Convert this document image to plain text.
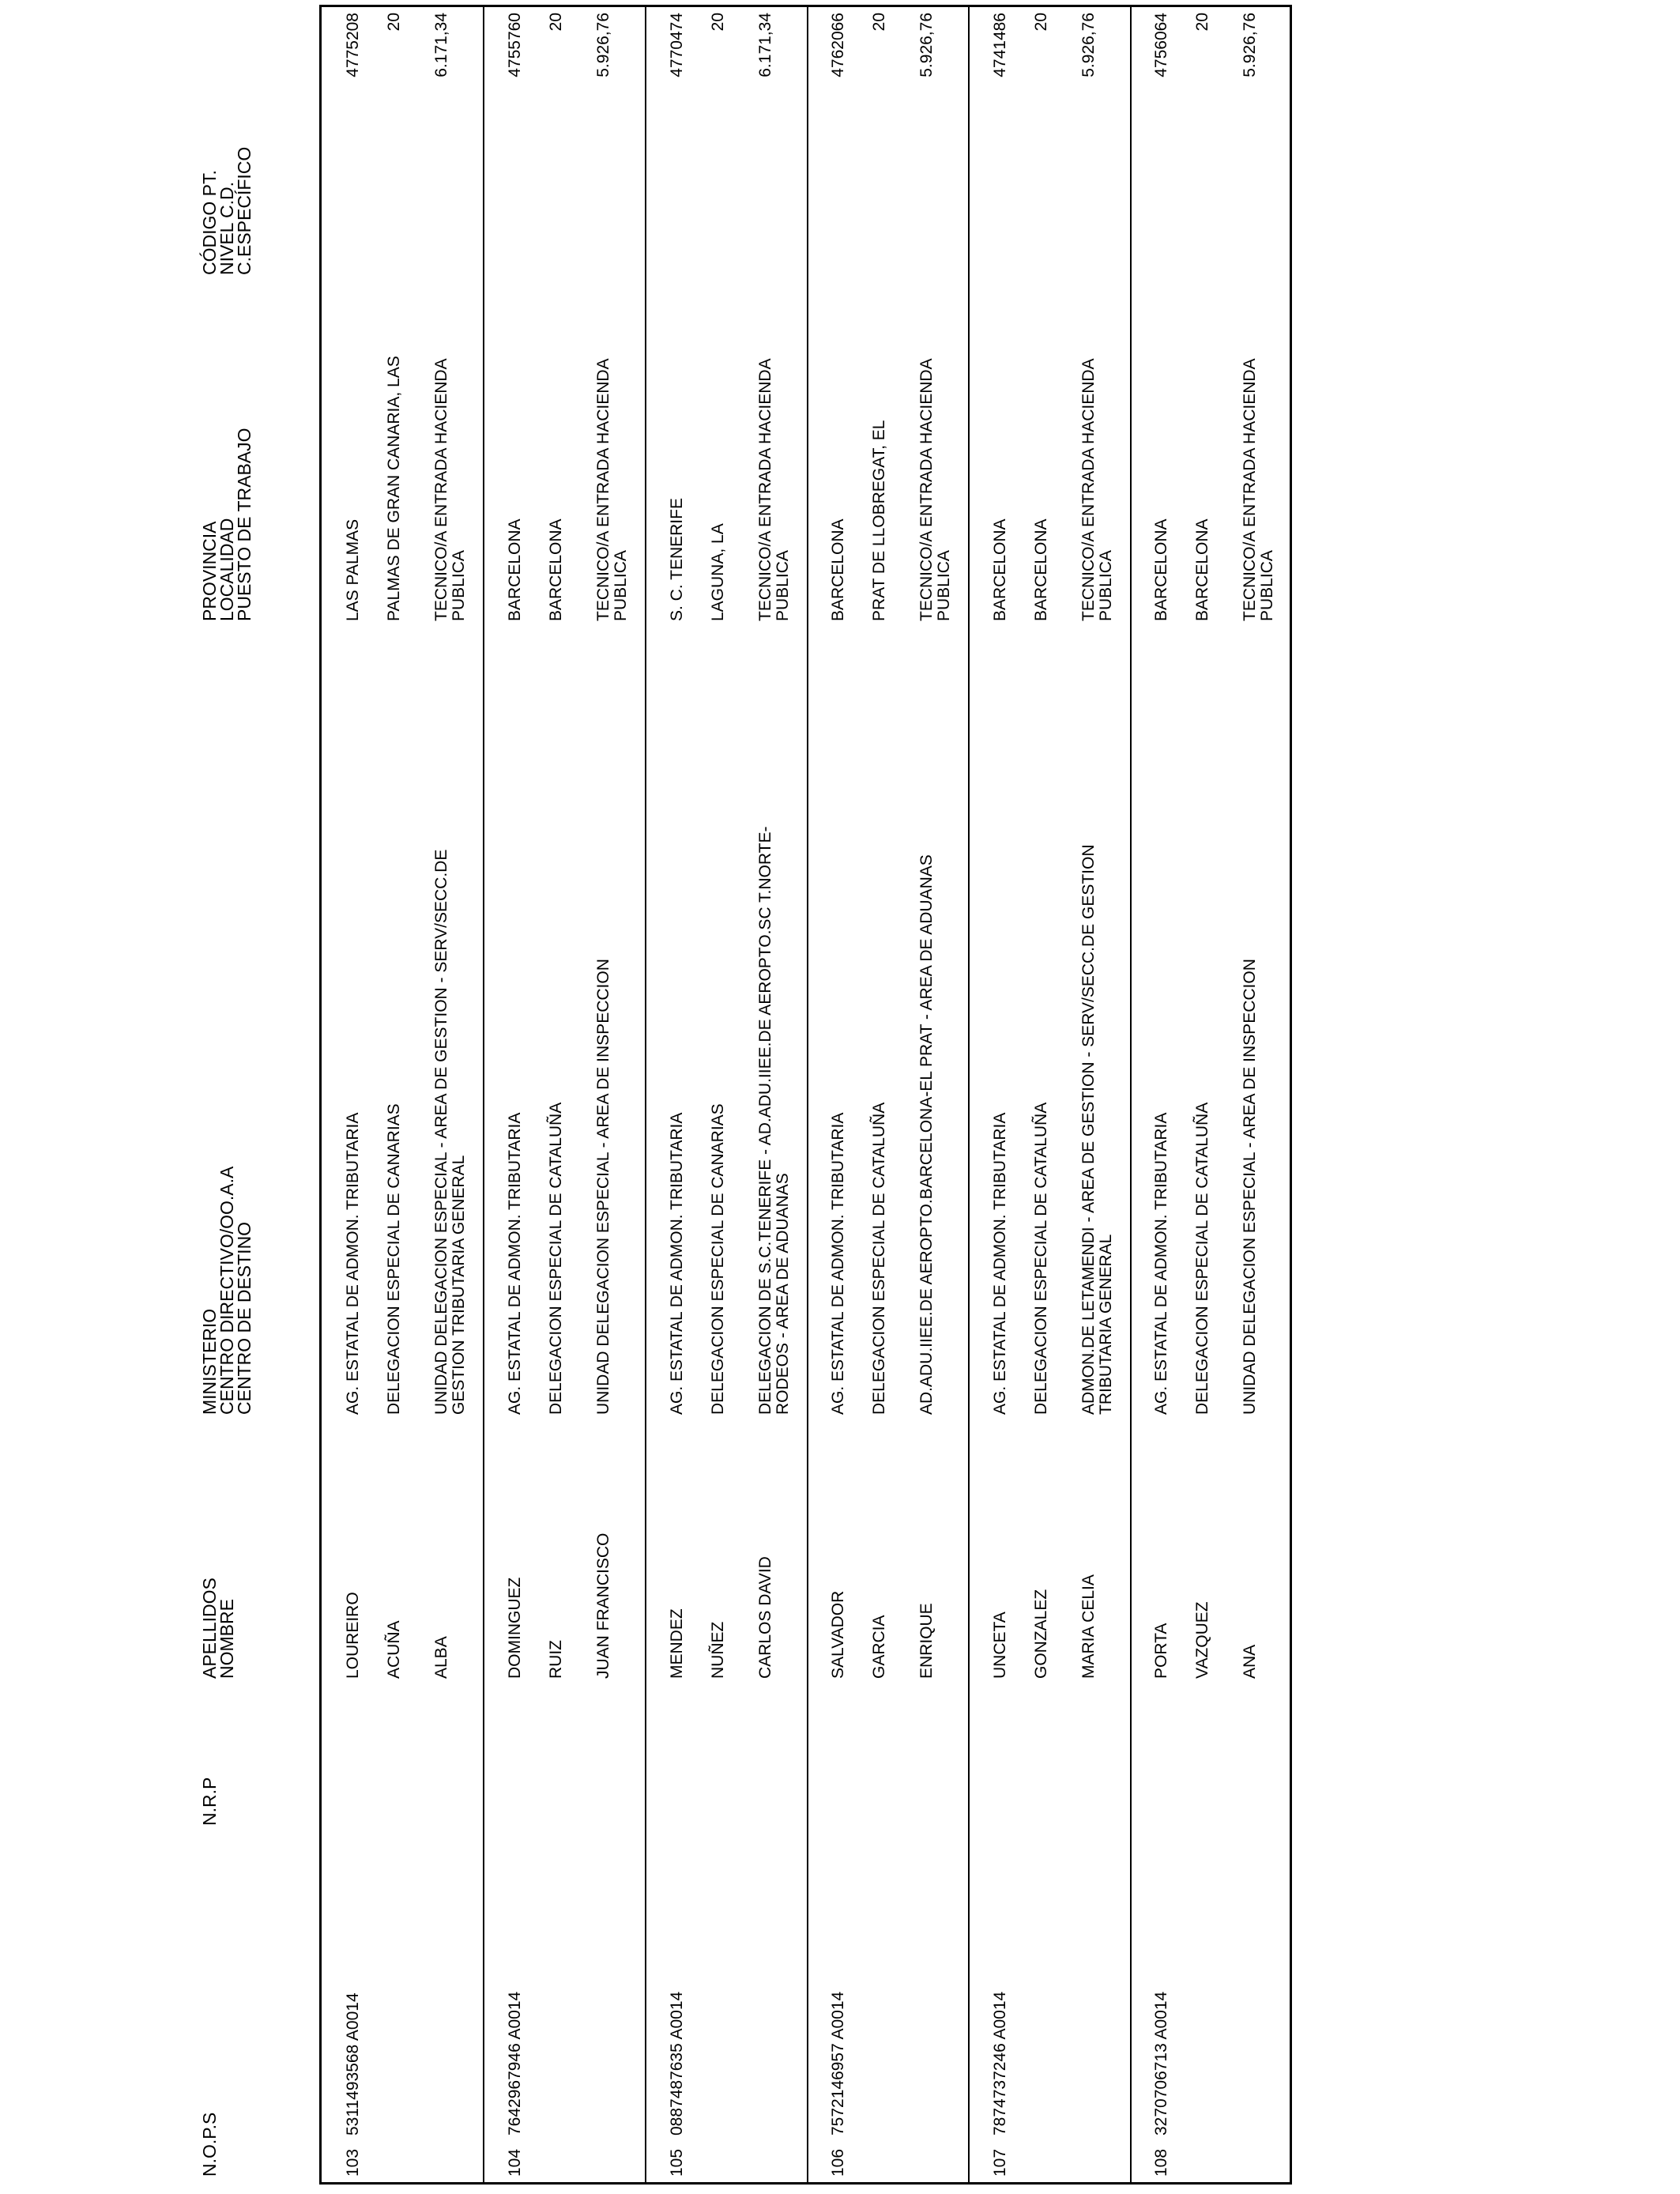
N.O.P.S
N.R.P
APELLIDOS
NOMBRE
MINISTERIO
CENTRO DIRECTIVO/OO.A.A
CENTRO DE DESTINO
PROVINCIA
LOCALIDAD
PUESTO DE TRABAJO
CÓDIGO PT.
NIVEL C.D.
C.ESPECÍFICO
103
5311493568 A0014
LOUREIRO ACUÑA ALBA
AG. ESTATAL DE ADMON. TRIBUTARIA DELEGACION ESPECIAL DE CANARIAS UNIDAD DELEGACION ESPECIAL - AREA DE GESTION - SERV/SECC.DE GESTION TRIBUTARIA GENERAL
LAS PALMAS PALMAS DE GRAN CANARIA, LAS TECNICO/A ENTRADA HACIENDA PUBLICA
4775208 20 6.171,34
104
7642967946 A0014
DOMINGUEZ RUIZ JUAN FRANCISCO
AG. ESTATAL DE ADMON. TRIBUTARIA DELEGACION ESPECIAL DE CATALUÑA UNIDAD DELEGACION ESPECIAL - AREA DE INSPECCION
BARCELONA BARCELONA TECNICO/A ENTRADA HACIENDA PUBLICA
4755760 20 5.926,76
105
0887487635 A0014
MENDEZ NUÑEZ CARLOS DAVID
AG. ESTATAL DE ADMON. TRIBUTARIA DELEGACION ESPECIAL DE CANARIAS DELEGACION DE S.C.TENERIFE - AD.ADU.IIEE.DE AEROPTO.SC T.NORTE- RODEOS - AREA DE ADUANAS
S. C. TENERIFE LAGUNA, LA TECNICO/A ENTRADA HACIENDA PUBLICA
4770474 20 6.171,34
106
7572146957 A0014
SALVADOR GARCIA ENRIQUE
AG. ESTATAL DE ADMON. TRIBUTARIA DELEGACION ESPECIAL DE CATALUÑA AD.ADU.IIEE.DE AEROPTO.BARCELONA-EL PRAT - AREA DE ADUANAS
BARCELONA PRAT DE LLOBREGAT, EL TECNICO/A ENTRADA HACIENDA PUBLICA
4762066 20 5.926,76
107
7874737246 A0014
UNCETA GONZALEZ MARIA CELIA
AG. ESTATAL DE ADMON. TRIBUTARIA DELEGACION ESPECIAL DE CATALUÑA ADMON.DE LETAMENDI - AREA DE GESTION - SERV/SECC.DE GESTION TRIBUTARIA GENERAL
BARCELONA BARCELONA TECNICO/A ENTRADA HACIENDA PUBLICA
4741486 20 5.926,76
108
3270706713 A0014
PORTA VAZQUEZ ANA
AG. ESTATAL DE ADMON. TRIBUTARIA DELEGACION ESPECIAL DE CATALUÑA UNIDAD DELEGACION ESPECIAL - AREA DE INSPECCION
BARCELONA BARCELONA TECNICO/A ENTRADA HACIENDA PUBLICA
4756064 20 5.926,76
